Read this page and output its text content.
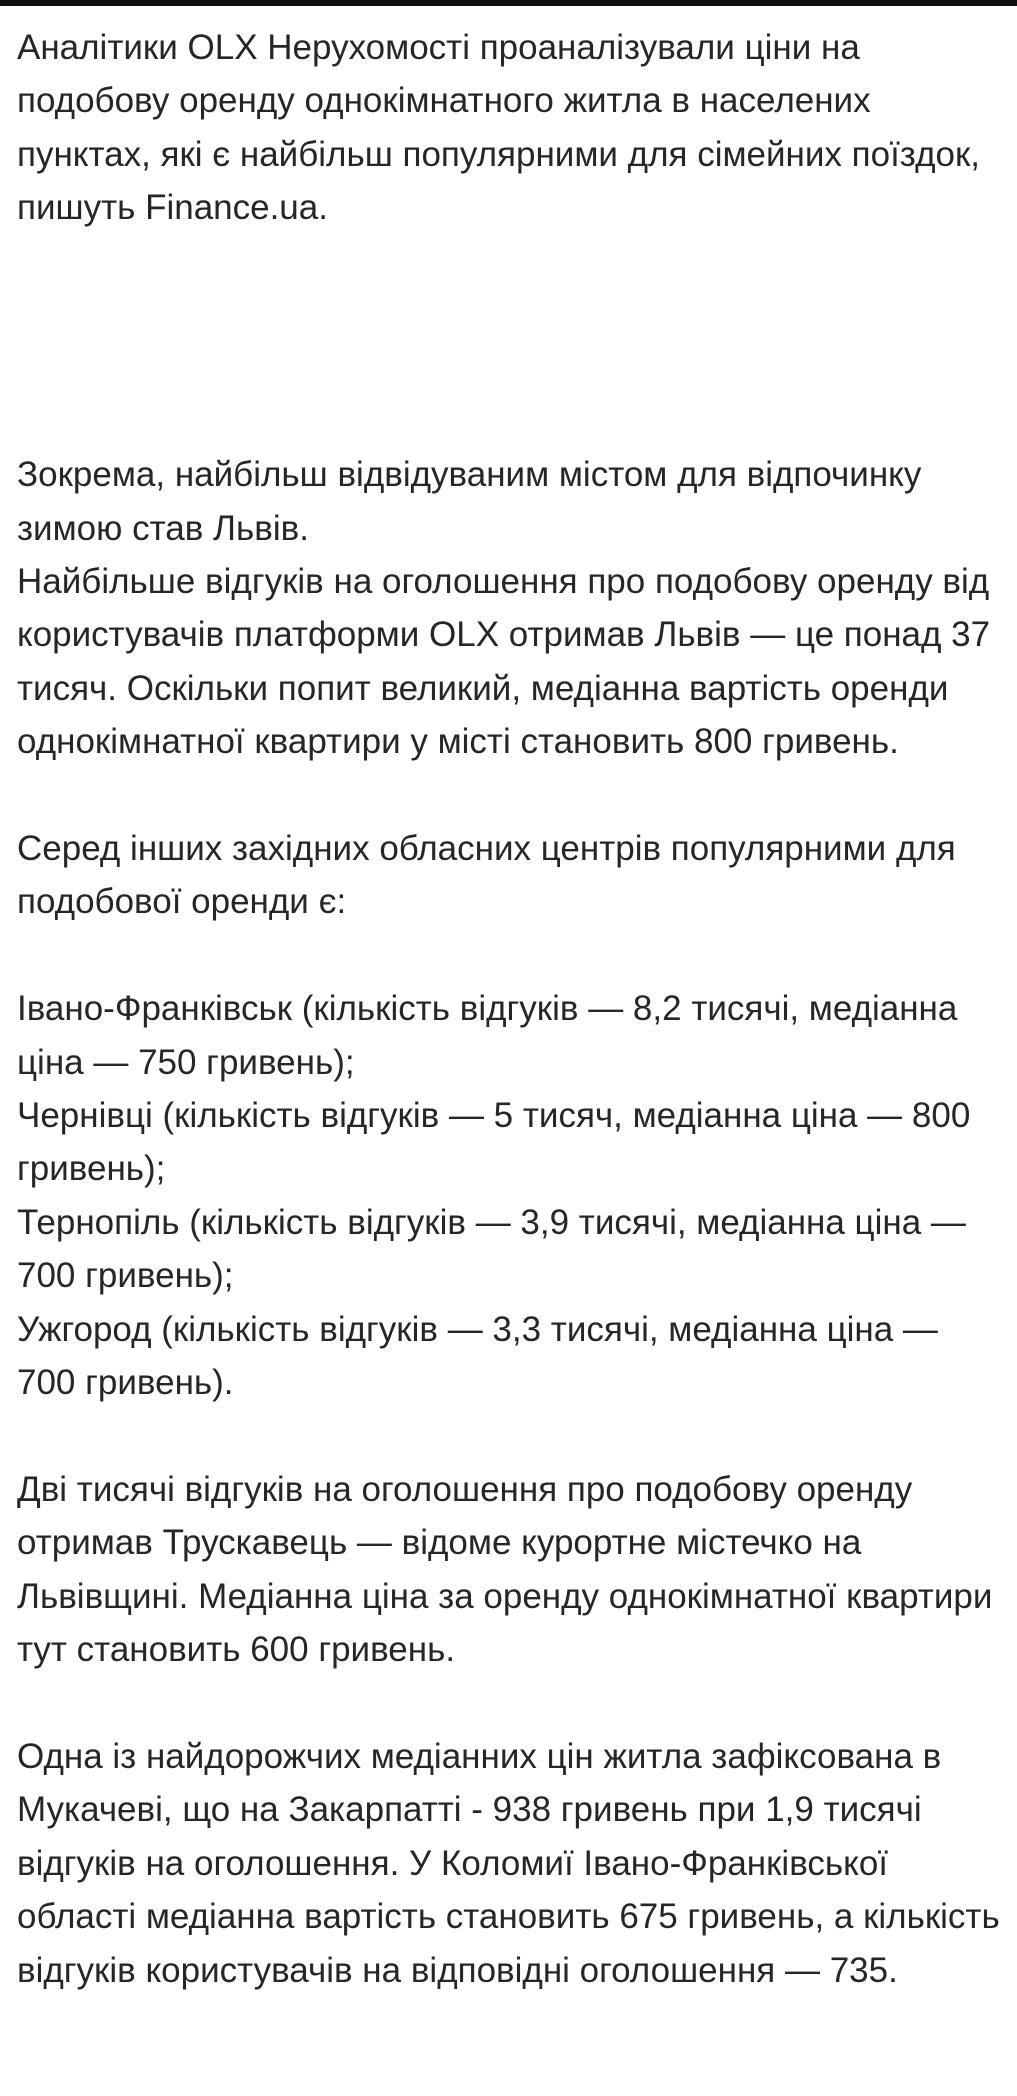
Аналітики OLX Нерухомості проаналізували ціни на подобову оренду однокімнатного житла в населених пунктах, які є найбільш популярними для сімейних поїздок, пишуть Finance.ua.

Зокрема, найбільш відвідуваним містом для відпочинку зимою став Львів.

Найбільше відгуків на оголошення про подобову оренду від користувачів платформи OLX отримав Львів — це понад 37 тисяч. Оскільки попит великий, медіанна вартість оренди однокімнатної квартири у місті становить 800 гривень.

Серед інших західних обласних центрів популярними для подобової оренди є:

Івано-Франківськ (кількість відгуків — 8,2 тисячі, медіанна ціна — 750 гривень);

Чернівці (кількість відгуків — 5 тисяч, медіанна ціна — 800 гривень);

Тернопіль (кількість відгуків — 3,9 тисячі, медіанна ціна — 700 гривень);

Ужгород (кількість відгуків — 3,3 тисячі, медіанна ціна — 700 гривень).

Дві тисячі відгуків на оголошення про подобову оренду отримав Трускавець — відоме курортне містечко на Львівщині. Медіанна ціна за оренду однокімнатної квартири тут становить 600 гривень.

Одна із найдорожчих медіанних цін житла зафіксована в Мукачеві, що на Закарпатті - 938 гривень при 1,9 тисячі відгуків на оголошення. У Коломиї Івано-Франківської області медіанна вартість становить 675 гривень, а кількість відгуків користувачів на відповідні оголошення — 735.
